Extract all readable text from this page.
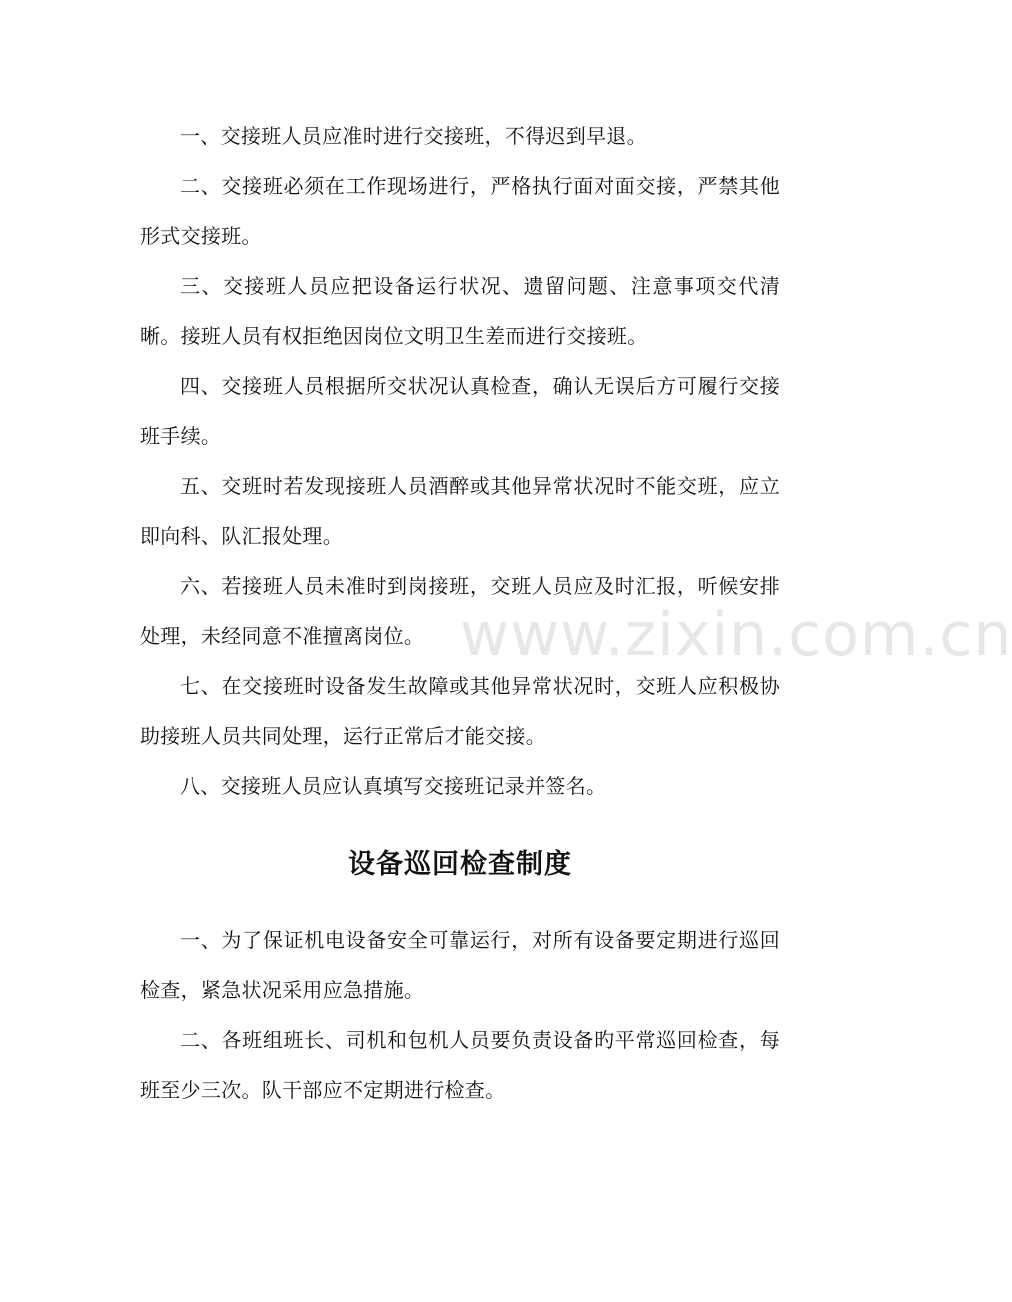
www.zixin.com.cn

一、交接班人员应准时进行交接班，不得迟到早退。

二、交接班必须在工作现场进行，严格执行面对面交接，严禁其他形式交接班。

三、交接班人员应把设备运行状况、遗留问题、注意事项交代清晰。接班人员有权拒绝因岗位文明卫生差而进行交接班。

四、交接班人员根据所交状况认真检查，确认无误后方可履行交接班手续。

五、交班时若发现接班人员酒醉或其他异常状况时不能交班，应立即向科、队汇报处理。

六、若接班人员未准时到岗接班，交班人员应及时汇报，听候安排处理，未经同意不准擅离岗位。

七、在交接班时设备发生故障或其他异常状况时，交班人应积极协助接班人员共同处理，运行正常后才能交接。

八、交接班人员应认真填写交接班记录并签名。

设备巡回检查制度

一、为了保证机电设备安全可靠运行，对所有设备要定期进行巡回检查，紧急状况采用应急措施。

二、各班组班长、司机和包机人员要负责设备旳平常巡回检查，每班至少三次。队干部应不定期进行检查。
